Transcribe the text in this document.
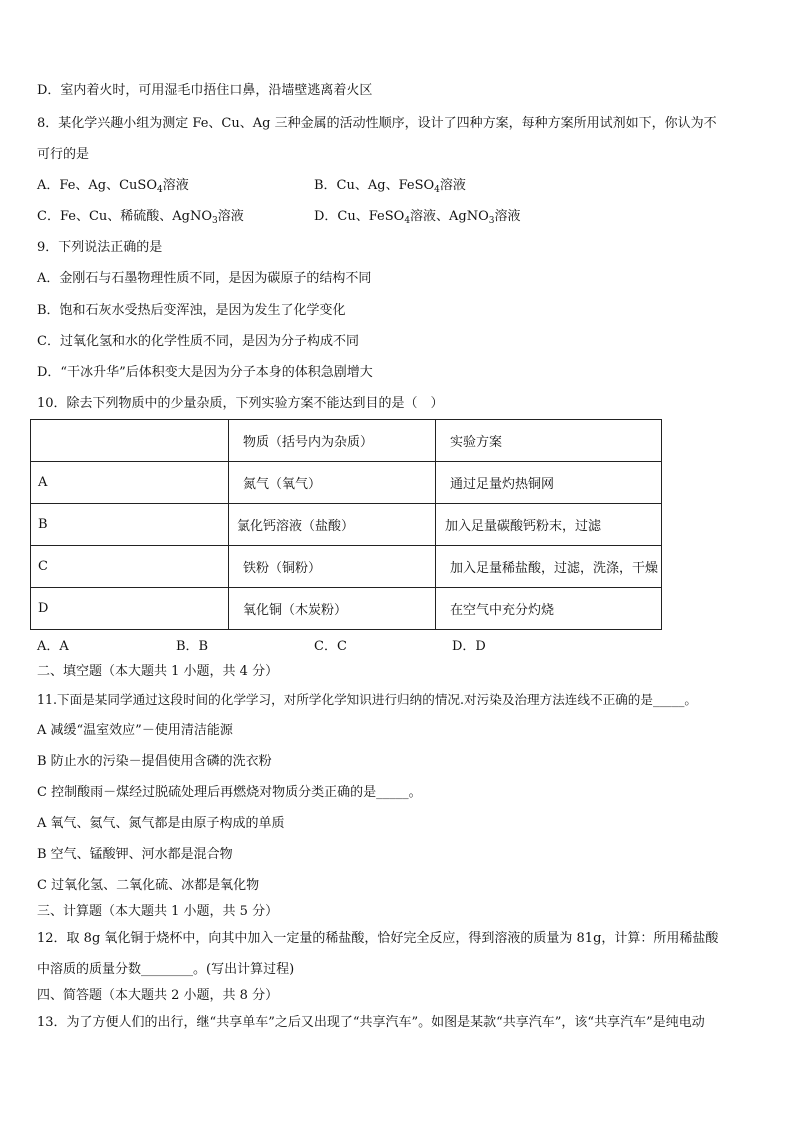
D．室内着火时，可用湿毛巾捂住口鼻，沿墙壁逃离着火区
8．某化学兴趣小组为测定 Fe、Cu、Ag 三种金属的活动性顺序，设计了四种方案，每种方案所用试剂如下，你认为不
可行的是
A．Fe、Ag、CuSO$_4$溶液	B．Cu、Ag、FeSO$_4$溶液
C．Fe、Cu、稀硫酸、AgNO$_3$溶液	D．Cu、FeSO$_4$溶液、AgNO$_3$溶液
9．下列说法正确的是
A．金刚石与石墨物理性质不同，是因为碳原子的结构不同
B．饱和石灰水受热后变浑浊，是因为发生了化学变化
C．过氧化氢和水的化学性质不同，是因为分子构成不同
D．“干冰升华”后体积变大是因为分子本身的体积急剧增大
10．除去下列物质中的少量杂质，下列实验方案不能达到目的是（　）
	物质（括号内为杂质）	实验方案
A	氮气（氧气）	通过足量灼热铜网
B	氯化钙溶液（盐酸）	加入足量碳酸钙粉末，过滤
C	铁粉（铜粉）	加入足量稀盐酸，过滤，洗涤，干燥
D	氧化铜（木炭粉）	在空气中充分灼烧
A．A	B．B	C．C	D．D
二、填空题（本大题共 1 小题，共 4 分）
11.下面是某同学通过这段时间的化学学习，对所学化学知识进行归纳的情况.对污染及治理方法连线不正确的是_____。
A 减缓“温室效应”－使用清洁能源
B 防止水的污染－提倡使用含磷的洗衣粉
C 控制酸雨－煤经过脱硫处理后再燃烧对物质分类正确的是_____。
A 氧气、氦气、氮气都是由原子构成的单质
B 空气、锰酸钾、河水都是混合物
C 过氧化氢、二氧化硫、冰都是氧化物
三、计算题（本大题共 1 小题，共 5 分）
12．取 8g 氧化铜于烧杯中，向其中加入一定量的稀盐酸，恰好完全反应，得到溶液的质量为 81g，计算：所用稀盐酸
中溶质的质量分数________。(写出计算过程)
四、简答题（本大题共 2 小题，共 8 分）
13．为了方便人们的出行，继“共享单车”之后又出现了“共享汽车”。如图是某款“共享汽车”，该“共享汽车”是纯电动
